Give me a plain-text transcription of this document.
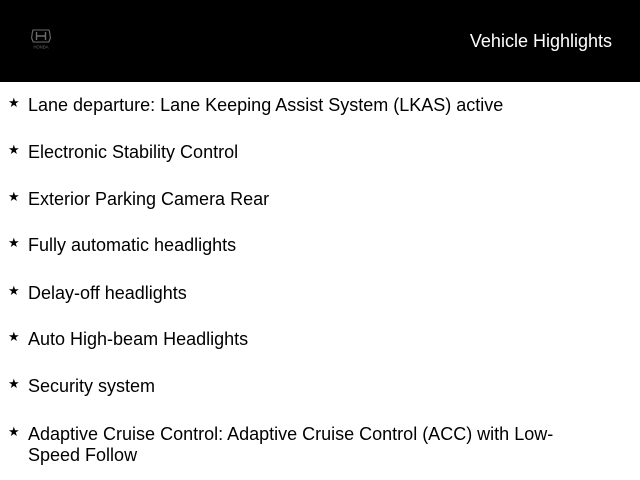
HONDA	Vehicle Highlights
★ Lane departure: Lane Keeping Assist System (LKAS) active
★ Electronic Stability Control
★ Exterior Parking Camera Rear
★ Fully automatic headlights
★ Delay-off headlights
★ Auto High-beam Headlights
★ Security system
★ Adaptive Cruise Control: Adaptive Cruise Control (ACC) with Low-Speed Follow
